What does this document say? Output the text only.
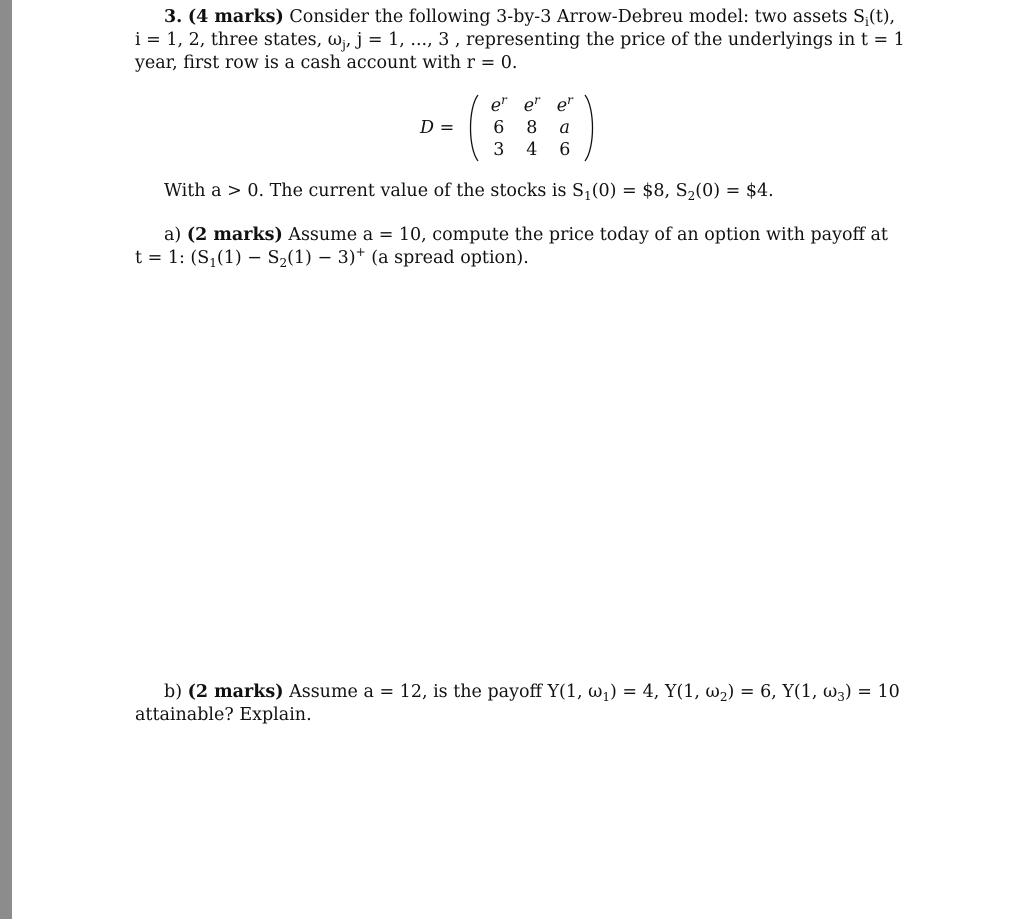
3. (4 marks) Consider the following 3-by-3 Arrow-Debreu model: two assets $S_i(t)$,
i = 1, 2, three states, $\omega_j$, j = 1, ..., 3 , representing the price of the underlyings in t = 1
year, first row is a cash account with r = 0.
D =
$e^r$ $e^r$ $e^r$
6 8 a
3 4 6
With a > 0. The current value of the stocks is $S_1(0)$ = $8, $S_2(0)$ = $4.
a) (2 marks) Assume a = 10, compute the price today of an option with payoff at
t = 1: $(S_1(1) - S_2(1) - 3)^+$ (a spread option).
b) (2 marks) Assume a = 12, is the payoff Y(1, $\omega_1) = 4$, Y(1, $\omega_2) = 6$, Y(1, $\omega_3) = 10$
attainable? Explain.
